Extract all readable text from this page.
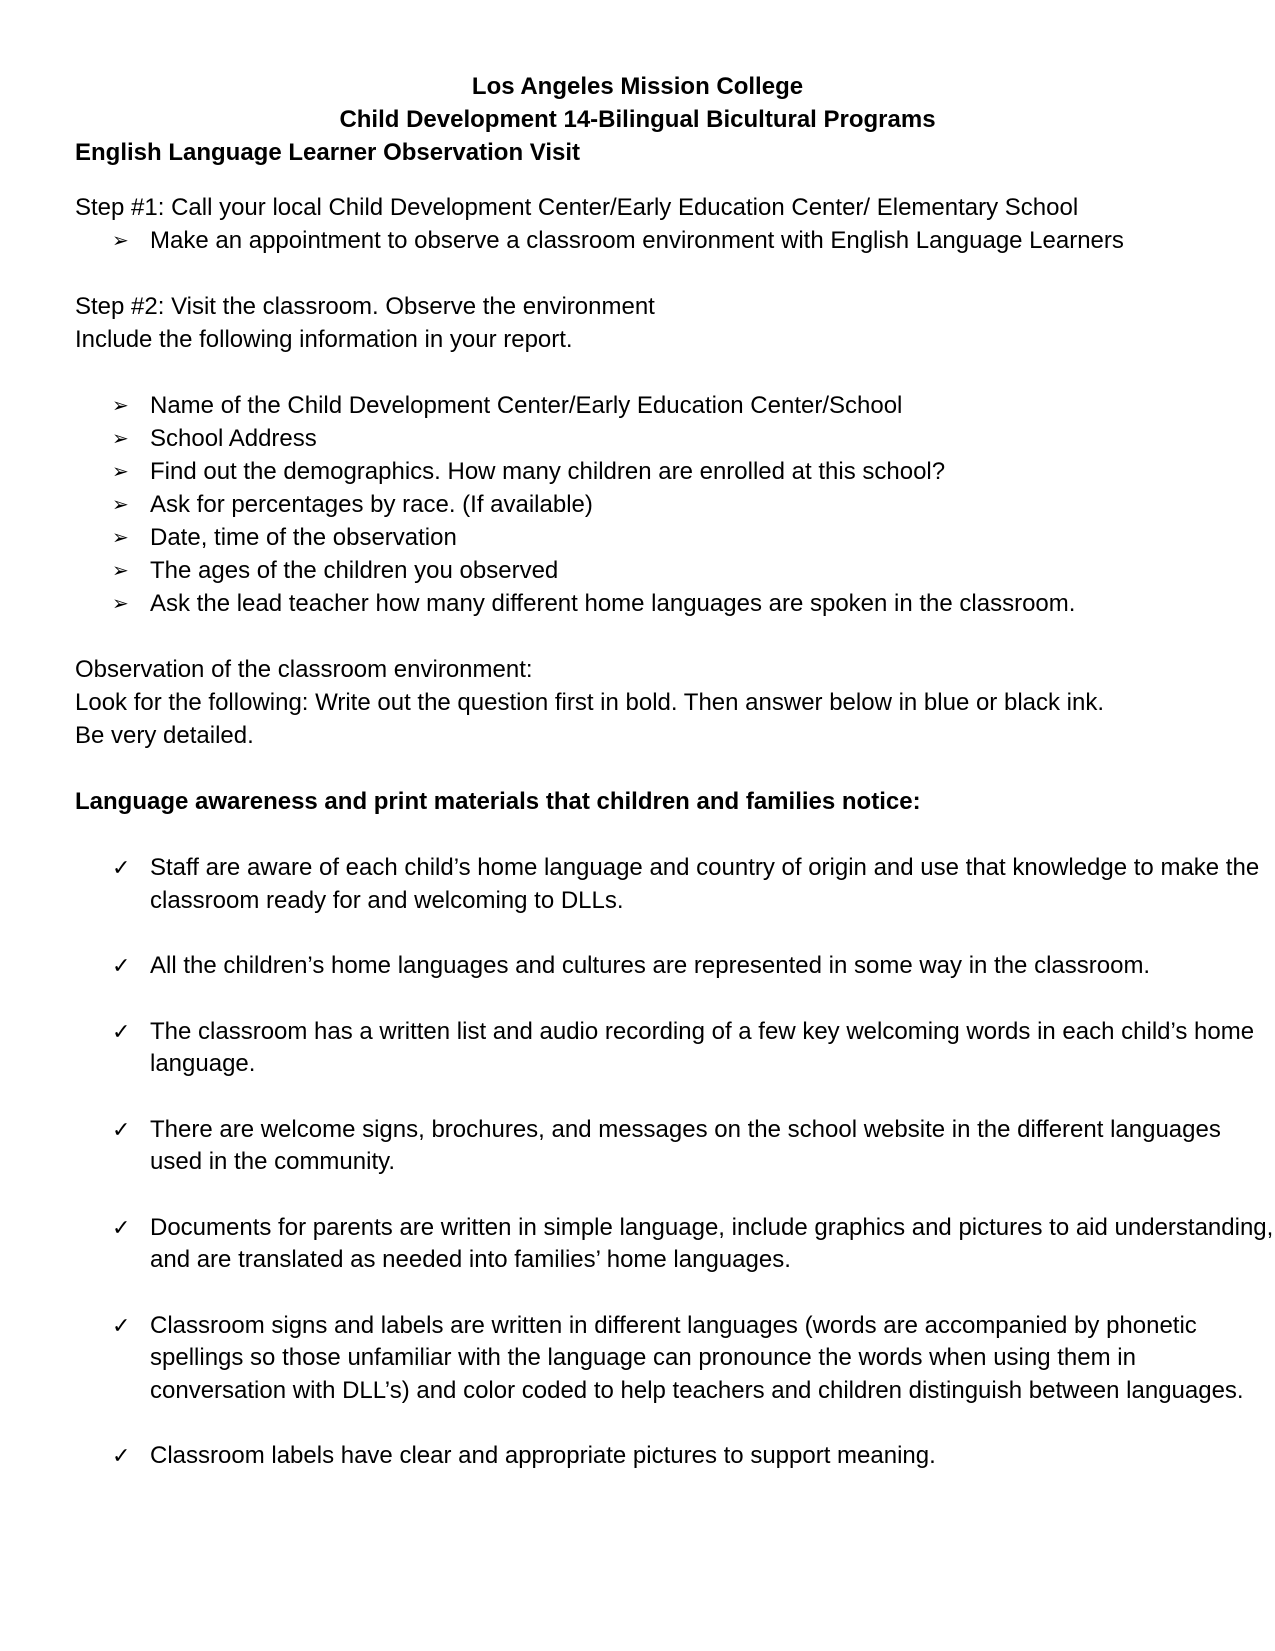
Los Angeles Mission College
Child Development 14-Bilingual Bicultural Programs
English Language Learner Observation Visit
Step #1: Call your local Child Development Center/Early Education Center/ Elementary School
➢ Make an appointment to observe a classroom environment with English Language Learners
Step #2: Visit the classroom. Observe the environment
Include the following information in your report.
➢ Name of the Child Development Center/Early Education Center/School
➢ School Address
➢ Find out the demographics. How many children are enrolled at this school?
➢ Ask for percentages by race. (If available)
➢ Date, time of the observation
➢ The ages of the children you observed
➢ Ask the lead teacher how many different home languages are spoken in the classroom.
Observation of the classroom environment:
Look for the following: Write out the question first in bold. Then answer below in blue or black ink.
Be very detailed.
Language awareness and print materials that children and families notice:
✓ Staff are aware of each child’s home language and country of origin and use that knowledge to make the classroom ready for and welcoming to DLLs.
✓ All the children’s home languages and cultures are represented in some way in the classroom.
✓ The classroom has a written list and audio recording of a few key welcoming words in each child’s home language.
✓ There are welcome signs, brochures, and messages on the school website in the different languages used in the community.
✓ Documents for parents are written in simple language, include graphics and pictures to aid understanding, and are translated as needed into families’ home languages.
✓ Classroom signs and labels are written in different languages (words are accompanied by phonetic spellings so those unfamiliar with the language can pronounce the words when using them in conversation with DLL’s) and color coded to help teachers and children distinguish between languages.
✓ Classroom labels have clear and appropriate pictures to support meaning.
